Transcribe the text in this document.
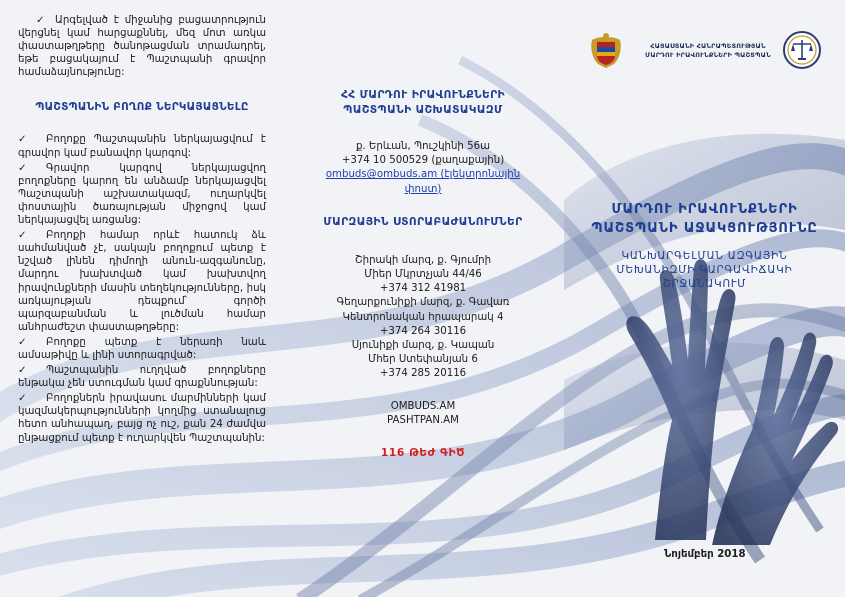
✓ Արգելված է միջանից բացատրություն վերցնել կամ հարցաքննել, մեզ մոտ առկա փաստաթղթերը ծանոթացման տրամադրել, եթե բացակայում է Պաշտպանի գրավոր համաձայնությունը:

ՊԱՇՏՊԱՆԻՆ ԲՈՂՈՔ ՆԵՐԿԱՅԱՑՆԵԼԸ

✓ Բողոքը Պաշտպանին ներկայացվում է գրավոր կամ բանավոր կարգով:

✓ Գրավոր կարգով ներկայացվող բողոքները կարող են անձամբ ներկայացվել Պաշտպանի աշխատակազմ, ուղարկվել փոստային ծառայության միջոցով կամ ներկայացվել առցանց:

✓ Բողոքի համար որևէ հատուկ ձև սահմանված չէ, սակայն բողոքում պետք է նշված լինեն դիմողի անուն-ազգանունը, մարդու խախտված կամ խախտվող իրավունքների մասին տեղեկությունները, իսկ առկայության դեպքում՝ գործի պարզաբանման և լուծման համար անհրաժեշտ փաստաթղթերը:

✓ Բողոքը պետք է ներառի նաև ամսաթիվը և լինի ստորագրված:

✓ Պաշտպանին ուղղված բողոքները ենթակա չեն ստուգման կամ գրաքննության:

✓ Բողոքներն իրավասու մարմինների կամ կազմակերպությունների կողմից ստանալուց հետո անհապաղ, բայց ոչ ուշ, քան 24 ժամվա ընթացքում պետք է ուղարկվեն Պաշտպանին:

ՀՀ ՄԱՐԴՈՒ ԻՐԱՎՈՒՆՔՆԵՐԻ
ՊԱՇՏՊԱՆԻ ԱՇԽԱՏԱԿԱԶՄ

ք. Երևան, Պուշկինի 56ա

+374 10 500529 (քաղաքային)

ombuds@ombuds.am (էլեկտրոնային

փոստ)

ՄԱՐԶԱՅԻՆ ՍՏՈՐԱԲԱԺԱՆՈՒՄՆԵՐ

Շիրակի մարզ, ք. Գյումրի

Միեր Մկրտչյան 44/46

+374 312 41981

Գեղարքունիքի մարզ, ք. Գավառ

Կենտրոնական հրապարակ 4

+374 264 30116

Սյունիքի մարզ, ք. Կապան

Մհեր Ստեփանյան 6

+374 285 20116

OMBUDS.AM

PASHTPAN.AM

116 ԹԵԺ ԳԻԾ

ՀԱՅԱՍՏԱՆԻ ՀԱՆՐԱՊԵՏՈՒԹՅԱՆ
ՄԱՐԴՈՒ ԻՐԱՎՈՒՆՔՆԵՐԻ ՊԱՇՏՊԱՆ
ՄԱՐԴՈՒ ԻՐԱՎՈՒՆՔՆԵՐԻ
ՊԱՇՏՊԱՆԻ ԱՋԱԿՑՈՒԹՅՈՒՆԸ
ԿԱՆԽԱՐԳԵԼՄԱՆ ԱԶԳԱՅԻՆ
ՄԵԽԱՆԻԶՄԻ ԿԱՐԳԱՎԻՃԱԿԻ
ՇՐՋԱՆԱԿՈՒՄ
Նոյեմբեր 2018
